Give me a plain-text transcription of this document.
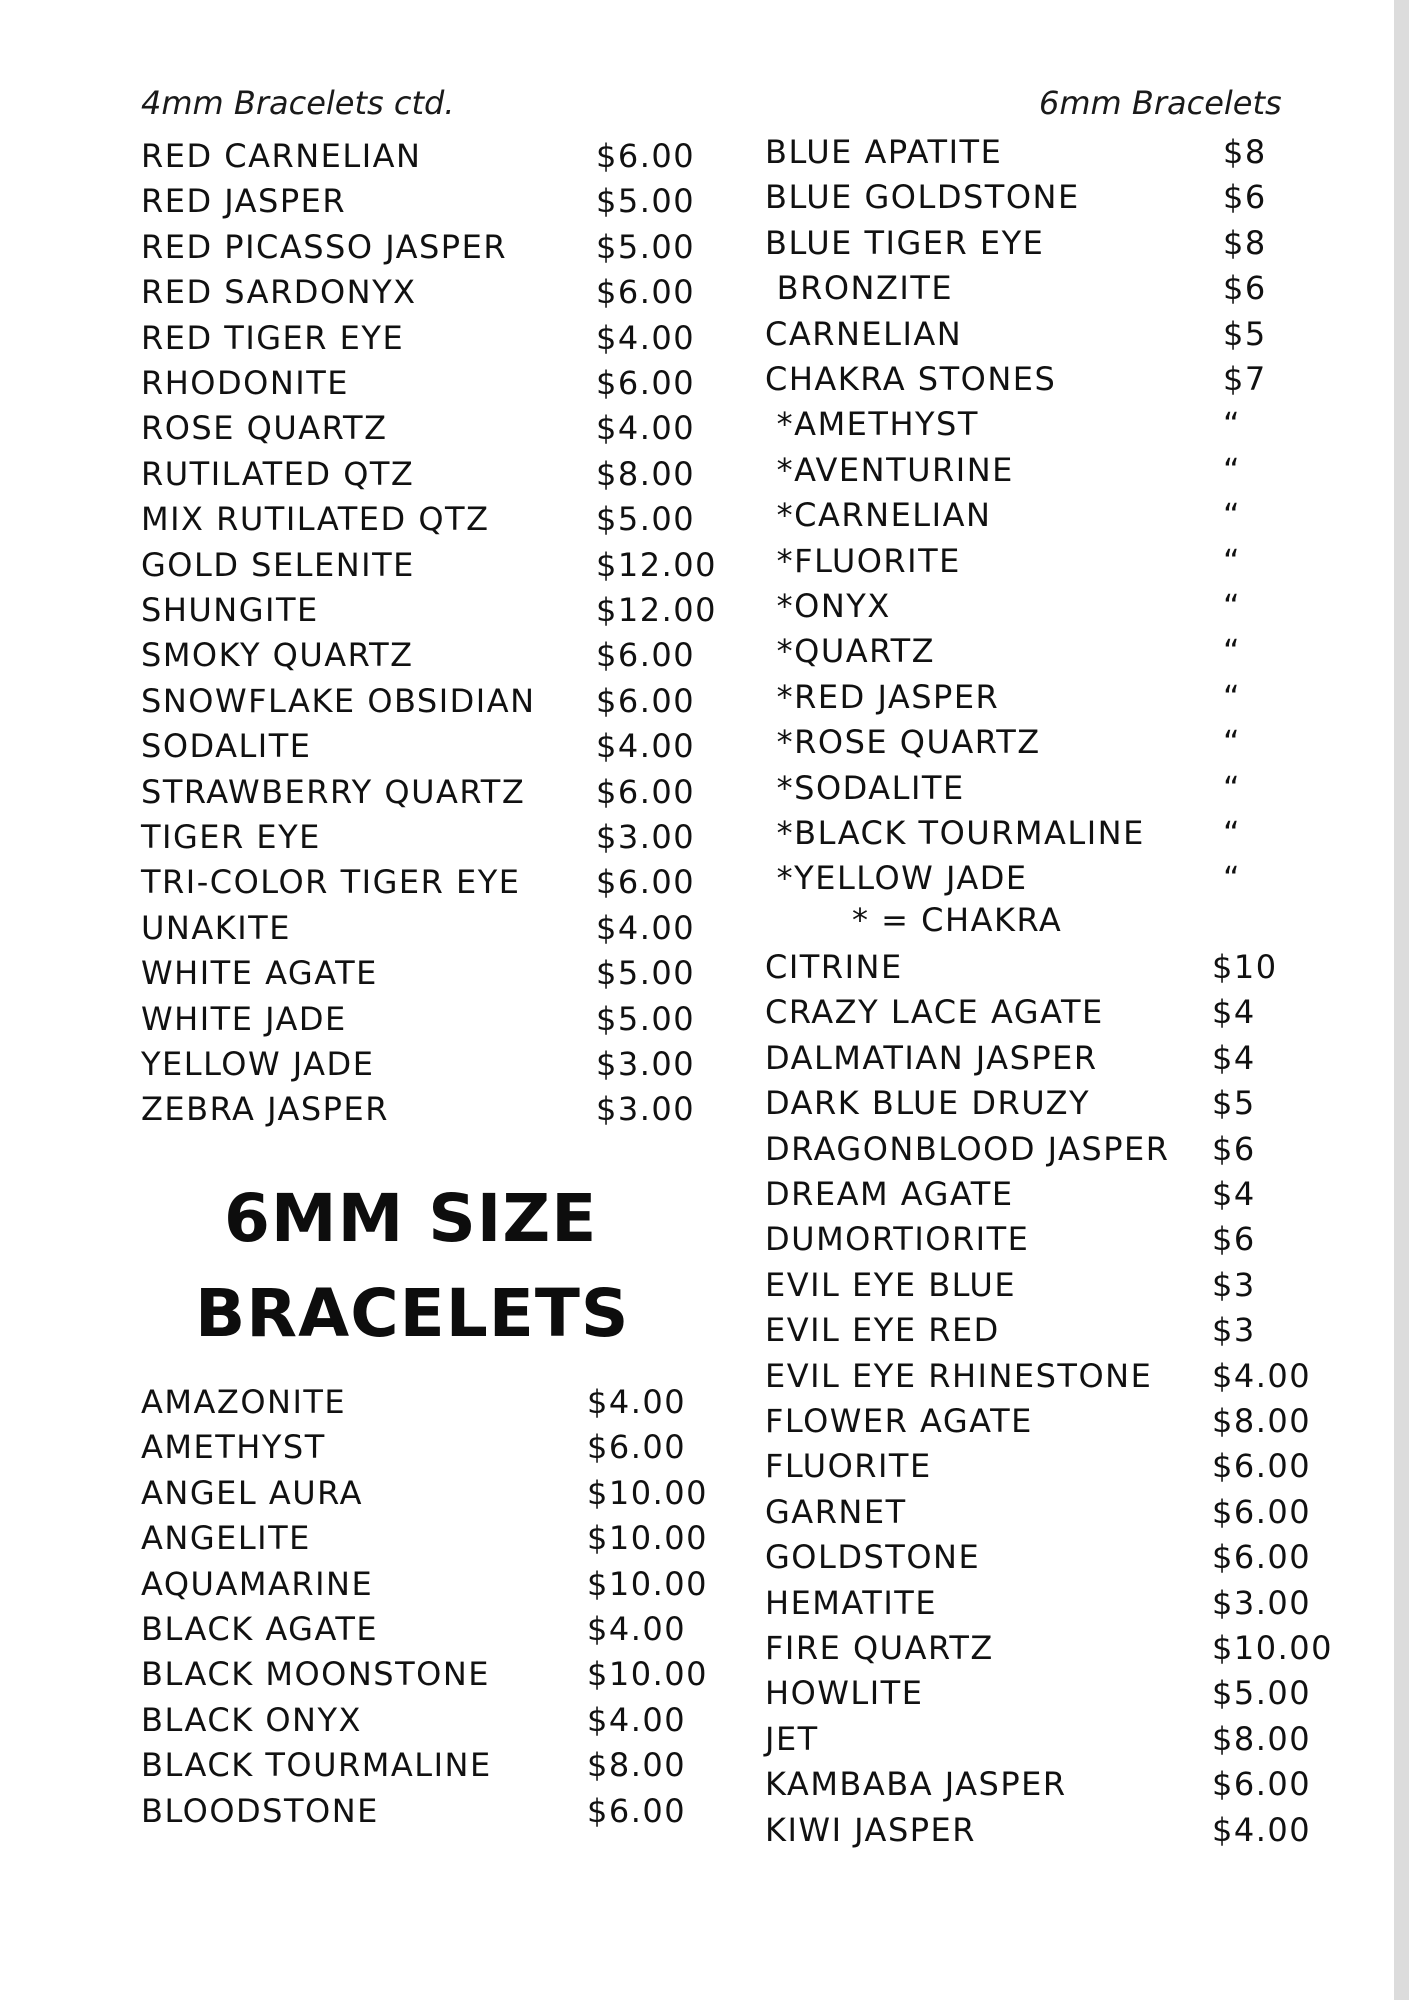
4mm Bracelets ctd.
RED CARNELIAN	$6.00
RED JASPER	$5.00
RED PICASSO JASPER	$5.00
RED SARDONYX	$6.00
RED TIGER EYE	$4.00
RHODONITE	$6.00
ROSE QUARTZ	$4.00
RUTILATED QTZ	$8.00
MIX RUTILATED QTZ	$5.00
GOLD SELENITE	$12.00
SHUNGITE	$12.00
SMOKY QUARTZ	$6.00
SNOWFLAKE OBSIDIAN $6.00
SODALITE	$4.00
STRAWBERRY QUARTZ $6.00
TIGER EYE	$3.00
TRI-COLOR TIGER EYE $6.00
UNAKITE	$4.00
WHITE AGATE	$5.00
WHITE JADE	$5.00
YELLOW JADE	$3.00
ZEBRA JASPER	$3.00
6MM SIZE
BRACELETS
AMAZONITE	$4.00
AMETHYST	$6.00
ANGEL AURA	$10.00
ANGELITE	$10.00
AQUAMARINE	$10.00
BLACK AGATE	$4.00
BLACK MOONSTONE	$10.00
BLACK ONYX	$4.00
BLACK TOURMALINE	$8.00
BLOODSTONE	$6.00
6mm Bracelets
BLUE APATITE	$8
BLUE GOLDSTONE	$6
BLUE TIGER EYE	$8
BRONZITE	$6
CARNELIAN	$5
CHAKRA STONES	$7
*AMETHYST	“
*AVENTURINE	“
*CARNELIAN	“
*FLUORITE	“
*ONYX	“
*QUARTZ	“
*RED JASPER	“
*ROSE QUARTZ	“
*SODALITE	“
*BLACK TOURMALINE “
*YELLOW JADE	“
* = CHAKRA
CITRINE	$10
CRAZY LACE AGATE	$4
DALMATIAN JASPER	$4
DARK BLUE DRUZY	$5
DRAGONBLOOD JASPER $6
DREAM AGATE	$4
DUMORTIORITE	$6
EVIL EYE BLUE	$3
EVIL EYE RED	$3
EVIL EYE RHINESTONE $4.00
FLOWER AGATE	$8.00
FLUORITE	$6.00
GARNET	$6.00
GOLDSTONE	$6.00
HEMATITE	$3.00
FIRE QUARTZ	$10.00
HOWLITE	$5.00
JET	$8.00
KAMBABA JASPER	$6.00
KIWI JASPER	$4.00
